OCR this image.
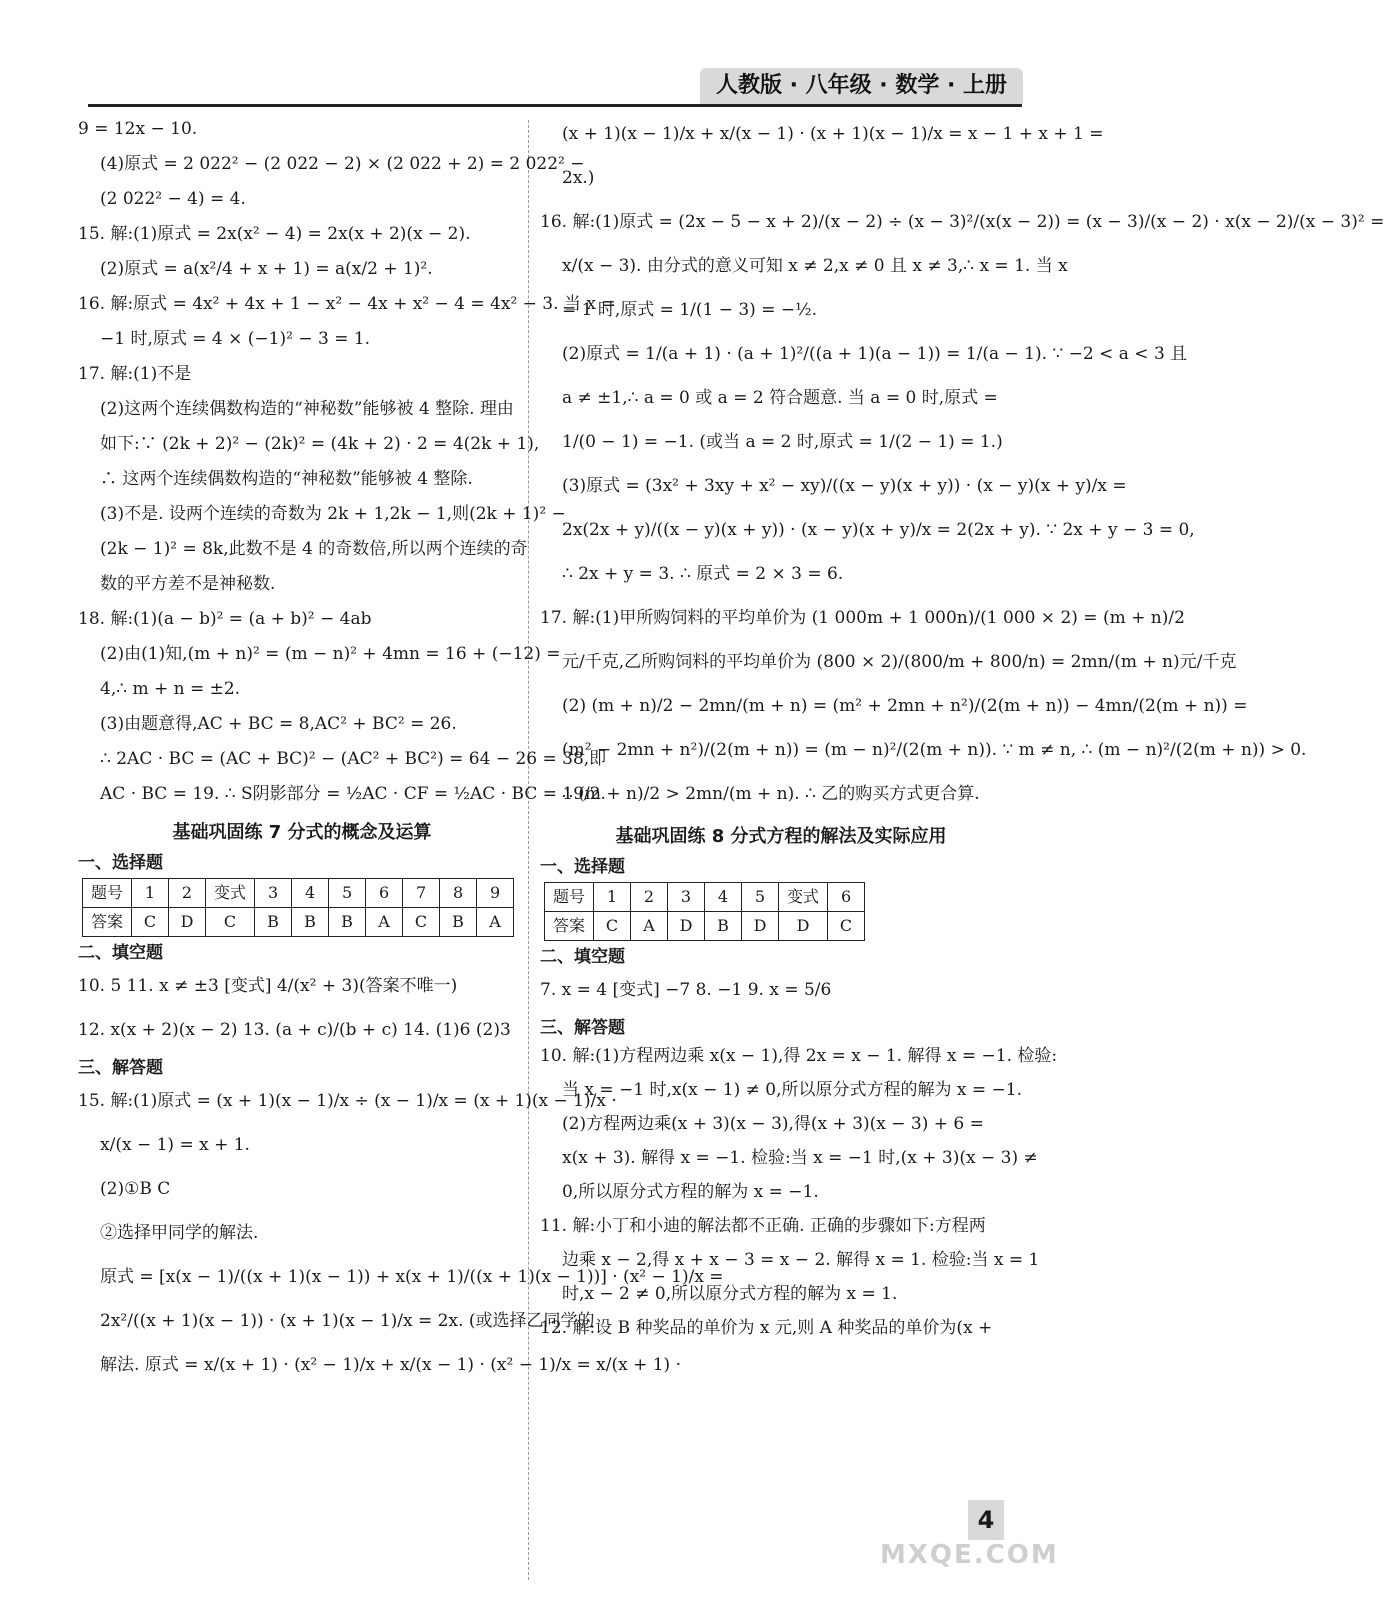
人教版 · 八年级 · 数学 · 上册
9 = 12x − 10.
(4)原式 = 2 022² − (2 022 − 2) × (2 022 + 2) = 2 022² −
(2 022² − 4) = 4.
15. 解:(1)原式 = 2x(x² − 4) = 2x(x + 2)(x − 2).
(2)原式 = a(x²/4 + x + 1) = a(x/2 + 1)².
16. 解:原式 = 4x² + 4x + 1 − x² − 4x + x² − 4 = 4x² − 3. 当 x =
−1 时,原式 = 4 × (−1)² − 3 = 1.
17. 解:(1)不是
(2)这两个连续偶数构造的“神秘数”能够被 4 整除. 理由
如下:∵ (2k + 2)² − (2k)² = (4k + 2) · 2 = 4(2k + 1),
∴ 这两个连续偶数构造的“神秘数”能够被 4 整除.
(3)不是. 设两个连续的奇数为 2k + 1,2k − 1,则(2k + 1)² −
(2k − 1)² = 8k,此数不是 4 的奇数倍,所以两个连续的奇
数的平方差不是神秘数.
18. 解:(1)(a − b)² = (a + b)² − 4ab
(2)由(1)知,(m + n)² = (m − n)² + 4mn = 16 + (−12) =
4,∴ m + n = ±2.
(3)由题意得,AC + BC = 8,AC² + BC² = 26.
∴ 2AC · BC = (AC + BC)² − (AC² + BC²) = 64 − 26 = 38,即
AC · BC = 19. ∴ S阴影部分 = ½AC · CF = ½AC · BC = 19/2.
基础巩固练 7 分式的概念及运算
一、选择题
题号	1	2	变式	3	4	5	6	7	8	9
答案	C	D	C	B	B	B	A	C	B	A
二、填空题
10. 5 11. x ≠ ±3 [变式] 4/(x² + 3)(答案不唯一)
12. x(x + 2)(x − 2) 13. (a + c)/(b + c) 14. (1)6 (2)3
三、解答题
15. 解:(1)原式 = (x + 1)(x − 1)/x ÷ (x − 1)/x = (x + 1)(x − 1)/x ·
x/(x − 1) = x + 1.
(2)①B C
②选择甲同学的解法.
原式 = [x(x − 1)/((x + 1)(x − 1)) + x(x + 1)/((x + 1)(x − 1))] · (x² − 1)/x =
2x²/((x + 1)(x − 1)) · (x + 1)(x − 1)/x = 2x. (或选择乙同学的
解法. 原式 = x/(x + 1) · (x² − 1)/x + x/(x − 1) · (x² − 1)/x = x/(x + 1) ·
(x + 1)(x − 1)/x + x/(x − 1) · (x + 1)(x − 1)/x = x − 1 + x + 1 =
2x.)
16. 解:(1)原式 = (2x − 5 − x + 2)/(x − 2) ÷ (x − 3)²/(x(x − 2)) = (x − 3)/(x − 2) · x(x − 2)/(x − 3)² =
x/(x − 3). 由分式的意义可知 x ≠ 2,x ≠ 0 且 x ≠ 3,∴ x = 1. 当 x
= 1 时,原式 = 1/(1 − 3) = −½.
(2)原式 = 1/(a + 1) · (a + 1)²/((a + 1)(a − 1)) = 1/(a − 1). ∵ −2 < a < 3 且
a ≠ ±1,∴ a = 0 或 a = 2 符合题意. 当 a = 0 时,原式 =
1/(0 − 1) = −1. (或当 a = 2 时,原式 = 1/(2 − 1) = 1.)
(3)原式 = (3x² + 3xy + x² − xy)/((x − y)(x + y)) · (x − y)(x + y)/x =
2x(2x + y)/((x − y)(x + y)) · (x − y)(x + y)/x = 2(2x + y). ∵ 2x + y − 3 = 0,
∴ 2x + y = 3. ∴ 原式 = 2 × 3 = 6.
17. 解:(1)甲所购饲料的平均单价为 (1 000m + 1 000n)/(1 000 × 2) = (m + n)/2
元/千克,乙所购饲料的平均单价为 (800 × 2)/(800/m + 800/n) = 2mn/(m + n)元/千克
(2) (m + n)/2 − 2mn/(m + n) = (m² + 2mn + n²)/(2(m + n)) − 4mn/(2(m + n)) =
(m² − 2mn + n²)/(2(m + n)) = (m − n)²/(2(m + n)). ∵ m ≠ n, ∴ (m − n)²/(2(m + n)) > 0.
∴ (m + n)/2 > 2mn/(m + n). ∴ 乙的购买方式更合算.
基础巩固练 8 分式方程的解法及实际应用
一、选择题
题号	1	2	3	4	5	变式	6
答案	C	A	D	B	D	D	C
二、填空题
7. x = 4 [变式] −7 8. −1 9. x = 5/6
三、解答题
10. 解:(1)方程两边乘 x(x − 1),得 2x = x − 1. 解得 x = −1. 检验:
当 x = −1 时,x(x − 1) ≠ 0,所以原分式方程的解为 x = −1.
(2)方程两边乘(x + 3)(x − 3),得(x + 3)(x − 3) + 6 =
x(x + 3). 解得 x = −1. 检验:当 x = −1 时,(x + 3)(x − 3) ≠
0,所以原分式方程的解为 x = −1.
11. 解:小丁和小迪的解法都不正确. 正确的步骤如下:方程两
边乘 x − 2,得 x + x − 3 = x − 2. 解得 x = 1. 检验:当 x = 1
时,x − 2 ≠ 0,所以原分式方程的解为 x = 1.
12. 解:设 B 种奖品的单价为 x 元,则 A 种奖品的单价为(x +
4
MXQE.COM
